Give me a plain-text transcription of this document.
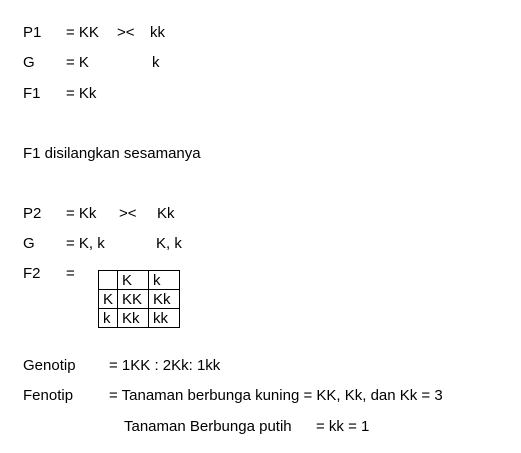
P1 = KK >< kk
G = K	k
F1 = Kk
F1 disilangkan sesamanya
P2 = Kk >< Kk
G = K, k	K, k
F2 =
		K	k
K	KK	Kk
k	Kk	kk
Genotip = 1KK : 2Kk: 1kk
Fenotip = Tanaman berbunga kuning = KK, Kk, dan Kk = 3
Tanaman Berbunga putih = kk = 1
